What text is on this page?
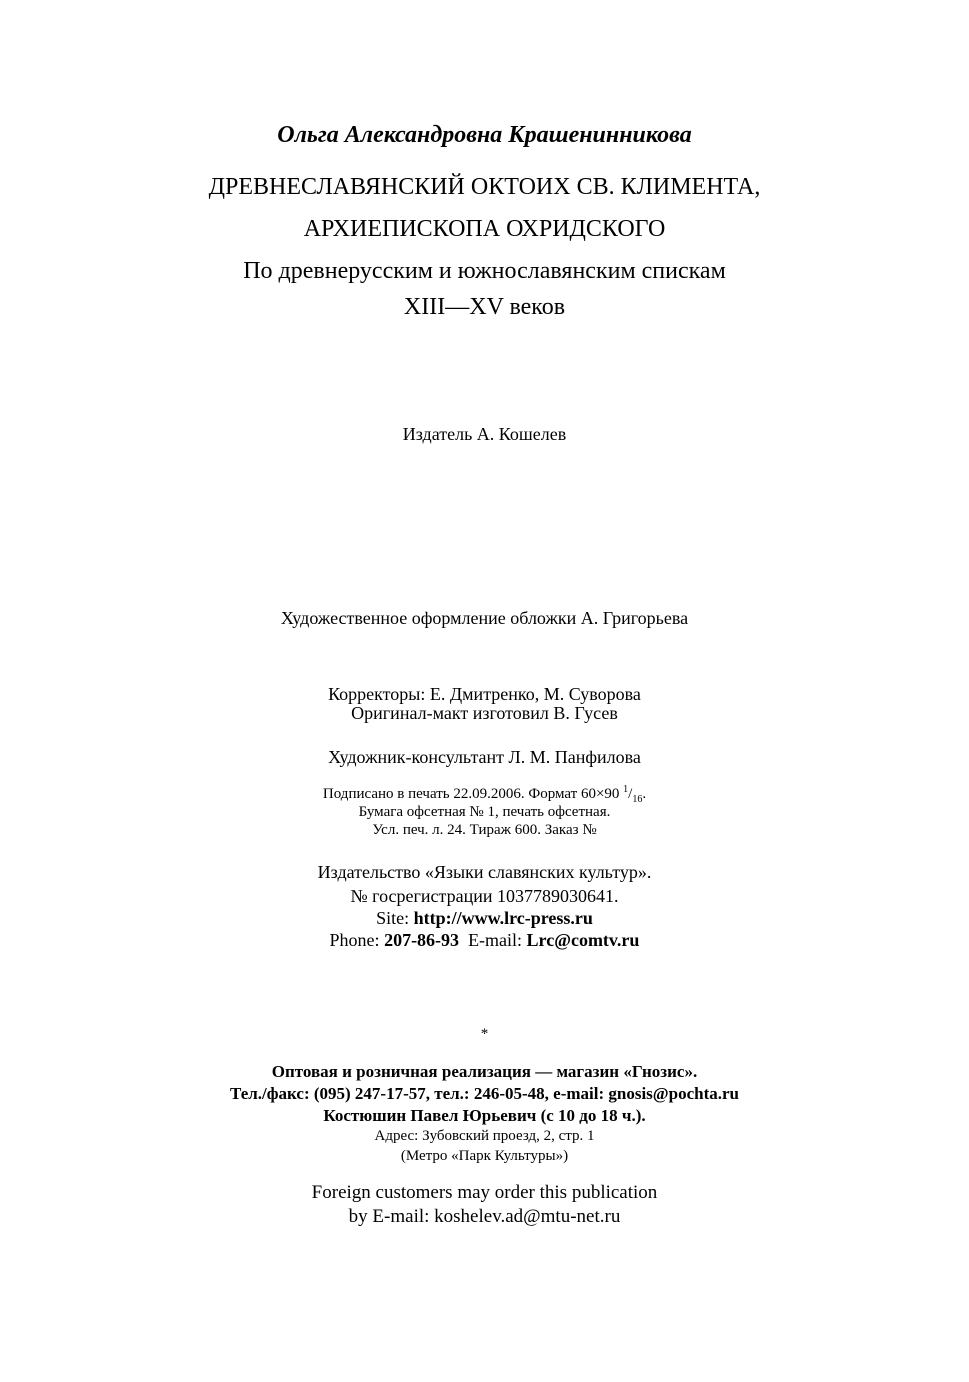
Ольга Александровна Крашенинникова
ДРЕВНЕСЛАВЯНСКИЙ ОКТОИХ СВ. КЛИМЕНТА,
АРХИЕПИСКОПА ОХРИДСКОГО
По древнерусским и южнославянским спискам
XIII—XV веков
Издатель А. Кошелев
Художественное оформление обложки А. Григорьева
Корректоры: Е. Дмитренко, М. Суворова
Оригинал-макт изготовил В. Гусев
Художник-консультант Л. М. Панфилова
Подписано в печать 22.09.2006. Формат 60×90 $^1/_{16}$.
Бумага офсетная № 1, печать офсетная.
Усл. печ. л. 24. Тираж 600. Заказ №
Издательство «Языки славянских культур».
№ госрегистрации 1037789030641.
Site: http://www.lrc-press.ru
Phone: 207-86-93  E-mail: Lrc@comtv.ru
*
Оптовая и розничная реализация — магазин «Гнозис».
Тел./факс: (095) 247-17-57, тел.: 246-05-48, e-mail: gnosis@pochta.ru
Костюшин Павел Юрьевич (с 10 до 18 ч.).
Адрес: Зубовский проезд, 2, стр. 1
(Метро «Парк Культуры»)
Foreign customers may order this publication
by E-mail: koshelev.ad@mtu-net.ru
